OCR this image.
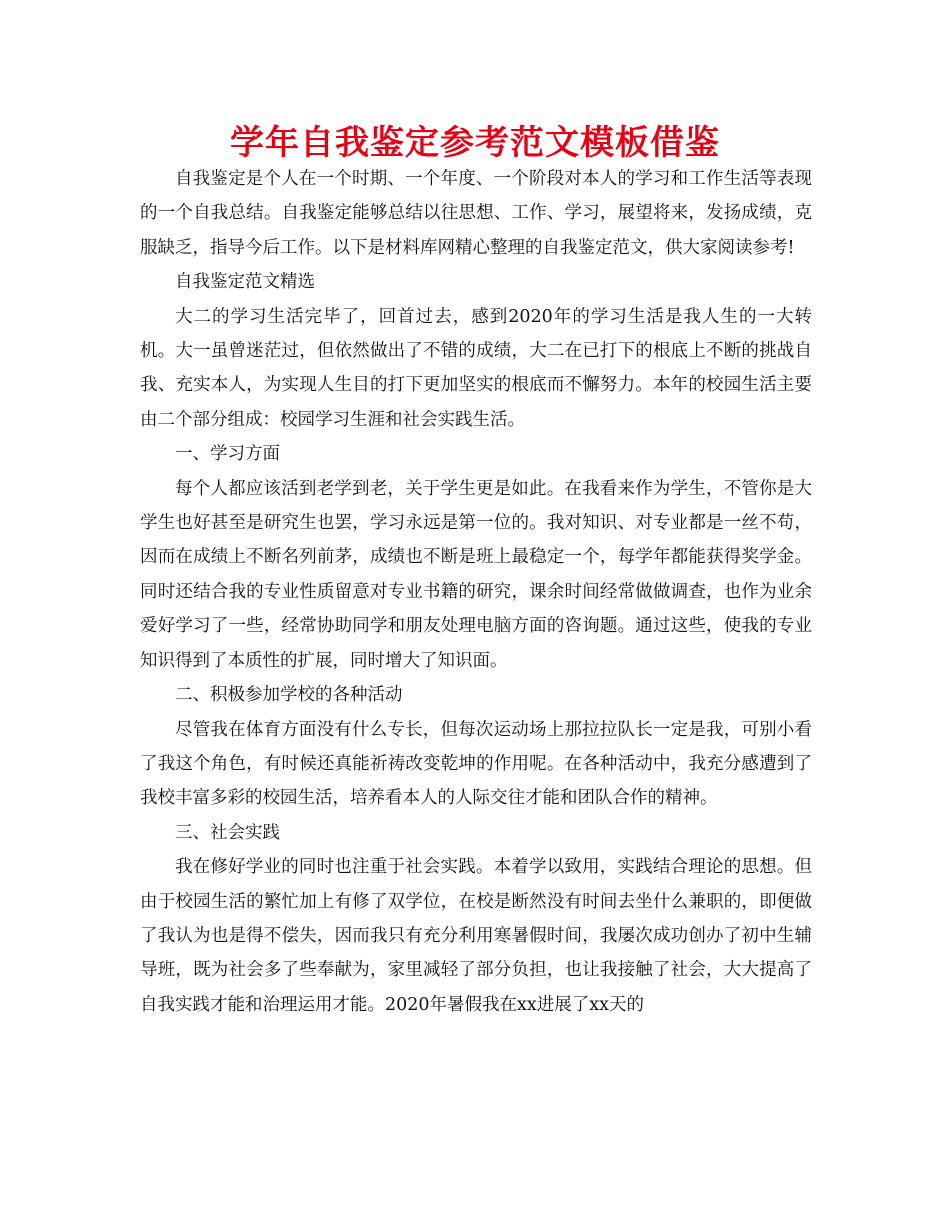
学年自我鉴定参考范文模板借鉴

自我鉴定是个人在一个时期、一个年度、一个阶段对本人的学习和工作生活等表现的一个自我总结。自我鉴定能够总结以往思想、工作、学习，展望将来，发扬成绩，克服缺乏，指导今后工作。以下是材料库网精心整理的自我鉴定范文，供大家阅读参考!

自我鉴定范文精选

大二的学习生活完毕了，回首过去，感到2020年的学习生活是我人生的一大转机。大一虽曾迷茫过，但依然做出了不错的成绩，大二在已打下的根底上不断的挑战自我、充实本人，为实现人生目的打下更加坚实的根底而不懈努力。本年的校园生活主要由二个部分组成：校园学习生涯和社会实践生活。

一、学习方面

每个人都应该活到老学到老，关于学生更是如此。在我看来作为学生，不管你是大学生也好甚至是研究生也罢，学习永远是第一位的。我对知识、对专业都是一丝不苟，因而在成绩上不断名列前茅，成绩也不断是班上最稳定一个，每学年都能获得奖学金。同时还结合我的专业性质留意对专业书籍的研究，课余时间经常做做调查，也作为业余爱好学习了一些，经常协助同学和朋友处理电脑方面的咨询题。通过这些，使我的专业知识得到了本质性的扩展，同时增大了知识面。

二、积极参加学校的各种活动

尽管我在体育方面没有什么专长，但每次运动场上那拉拉队长一定是我，可别小看了我这个角色，有时候还真能祈祷改变乾坤的作用呢。在各种活动中，我充分感遭到了我校丰富多彩的校园生活，培养看本人的人际交往才能和团队合作的精神。

三、社会实践

我在修好学业的同时也注重于社会实践。本着学以致用，实践结合理论的思想。但由于校园生活的繁忙加上有修了双学位，在校是断然没有时间去坐什么兼职的，即便做了我认为也是得不偿失，因而我只有充分利用寒暑假时间，我屡次成功创办了初中生辅导班，既为社会多了些奉献为，家里减轻了部分负担，也让我接触了社会，大大提高了自我实践才能和治理运用才能。2020年暑假我在xx进展了xx天的
